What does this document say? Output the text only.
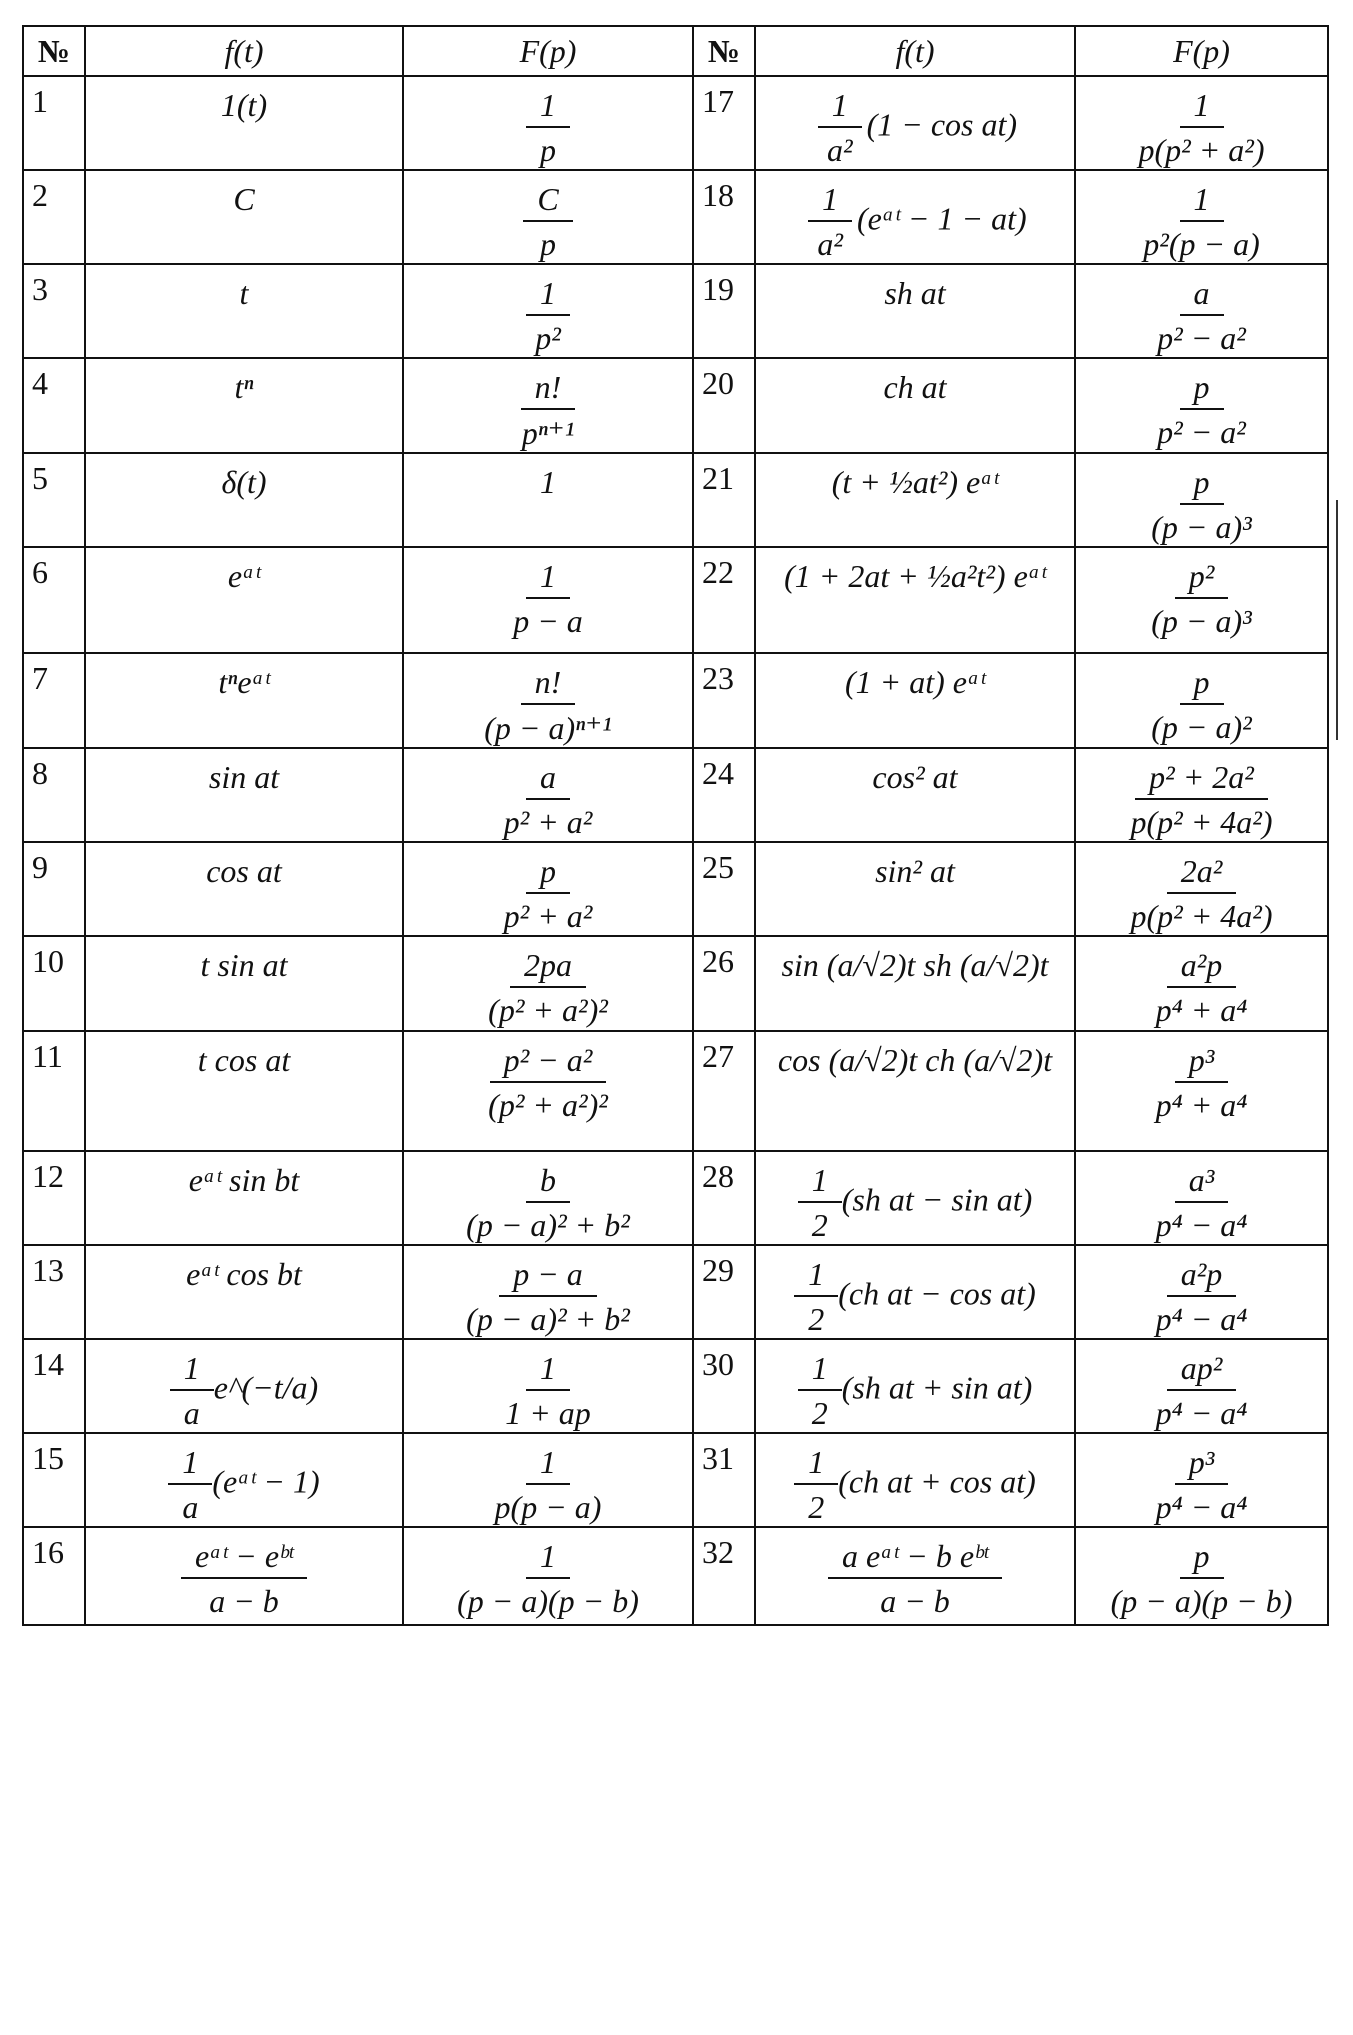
№	f(t)	F(p)	№	f(t)	F(p)
1	1(t)	$\frac{1}{p}$	17	$\frac{1}{\text{a²}} (1 - \cos at)$	$\frac{1}{\text{p(p² + a²)}}$

2	C	$\frac{C}{p}$	18	$\frac{1}{\text{a²}}$ (eᵃᵗ − 1 − at)	$\frac{1}{\text{p²(p − a)}}$

3	t	$\frac{1}{\text{p²}}$	19	sh at	$\frac{a}{\text{p² − a²}}$

4	tⁿ	$\frac{n!}{\text{pⁿ⁺¹}}$	20	ch at	$\frac{p}{\text{p² − a²}}$

5	δ(t)	1	21	(t + ½at²) eᵃᵗ	$\frac{p}{\text{(p − a)³}}$

6	eᵃᵗ	$\frac{1}{p - a}$	22	(1 + 2at + ½a²t²) eᵃᵗ	$\frac{\text{p²}}{\text{(p − a)³}}$

7	tⁿeᵃᵗ	$\frac{n!}{\text{(p − a)ⁿ⁺¹}}$	23	(1 + at) eᵃᵗ	$\frac{p}{\text{(p − a)²}}$

8	sin at	$\frac{a}{\text{p² + a²}}$	24	cos² at	$\frac{\text{p² + 2a²}}{\text{p(p² + 4a²)}}$

9	cos at	$\frac{p}{\text{p² + a²}}$	25	sin² at	$\frac{\text{2a²}}{\text{p(p² + 4a²)}}$

10	t sin at	$\frac{2pa}{\text{(p² + a²)²}}$	26	sin (a/√2)t sh (a/√2)t	$\frac{\text{a²p}}{\text{p⁴ + a⁴}}$

11	t cos at	$\frac{\text{p² − a²}}{\text{(p² + a²)²}}$	27	cos (a/√2)t ch (a/√2)t	$\frac{\text{p³}}{\text{p⁴ + a⁴}}$

12	eᵃᵗ sin bt	$\frac{b}{\text{(p − a)² + b²}}$	28	$\frac{1}{2} (sh$ at − sin at)	$\frac{\text{a³}}{\text{p⁴ − a⁴}}$

13	eᵃᵗ cos bt	$\frac{p - a}{\text{(p − a)² + b²}}$	29	$\frac{1}{2} (ch$ at − cos at)	$\frac{\text{a²p}}{\text{p⁴ − a⁴}}$

14	$\frac{1}{a}$ e^(−t/a)	$\frac{1}{1 + ap}$	30	$\frac{1}{2} (sh$ at + sin at)	$\frac{\text{ap²}}{\text{p⁴ − a⁴}}$

15	$\frac{1}{a}$ (eᵃᵗ − 1)	$\frac{1}{p(p - a)}$	31	$\frac{1}{2} (ch$ at + cos at)	$\frac{\text{p³}}{\text{p⁴ − a⁴}}$

16	$\frac{\text{eᵃᵗ − eᵇᵗ}}{a - b}$	$\frac{1}{(p - a)(p - b)}$	32	$\frac{\text{a eᵃᵗ − b eᵇᵗ}}{a - b}$	$\frac{p}{(p - a)(p - b)}$
